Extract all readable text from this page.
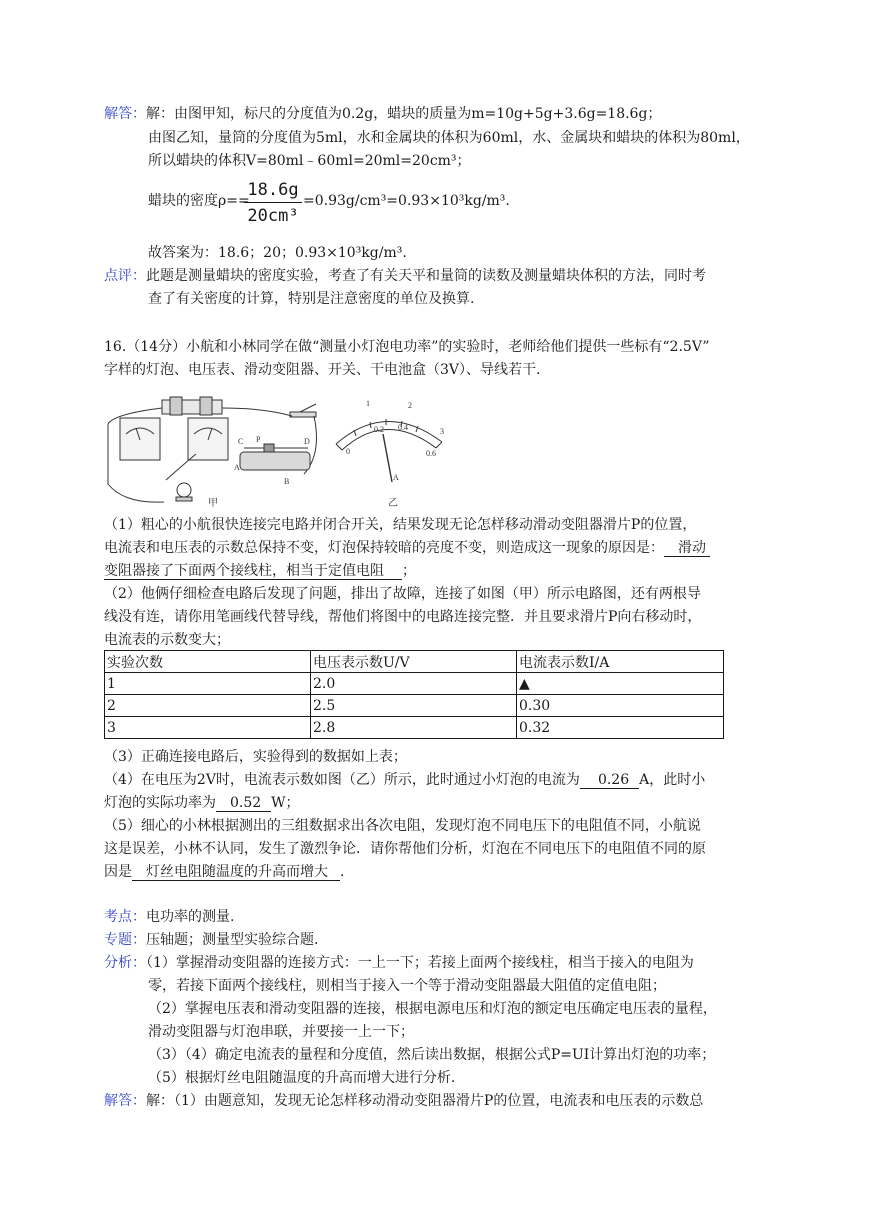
解答：解：由图甲知，标尺的分度值为0.2g，蜡块的质量为m=10g+5g+3.6g=18.6g；
由图乙知，量筒的分度值为5ml，水和金属块的体积为60ml，水、金属块和蜡块的体积为80ml，
所以蜡块的体积V=80ml﹣60ml=20ml=20cm³；
蜡块的密度ρ==
18.6g
20cm³
=0.93g/cm³=0.93×10³kg/m³.
故答案为：18.6；20；0.93×10³kg/m³.
点评：此题是测量蜡块的密度实验，考查了有关天平和量筒的读数及测量蜡块体积的方法，同时考
查了有关密度的计算，特别是注意密度的单位及换算.
16.（14分）小航和小林同学在做“测量小灯泡电功率”的实验时，老师给他们提供一些标有“2.5V”
字样的灯泡、电压表、滑动变阻器、开关、干电池盒（3V）、导线若干.
C P	D
A
B
甲
1	2
0.2 0.4
0
3
0.6
A
乙
（1）粗心的小航很快连接完电路并闭合开关，结果发现无论怎样移动滑动变阻器滑片P的位置，
电流表和电压表的示数总保持不变，灯泡保持较暗的亮度不变，则造成这一现象的原因是： 滑动
变阻器接了下面两个接线柱，相当于定值电阻 ；
（2）他俩仔细检查电路后发现了问题，排出了故障，连接了如图（甲）所示电路图，还有两根导
线没有连，请你用笔画线代替导线，帮他们将图中的电路连接完整．并且要求滑片P向右移动时，
电流表的示数变大；
实验次数	电压表示数U/V	电流表示数I/A
1	2.0	▲
2	2.5	0.30
3	2.8	0.32
（3）正确连接电路后，实验得到的数据如上表；
（4）在电压为2V时，电流表示数如图（乙）所示，此时通过小灯泡的电流为 0.26 A，此时小
灯泡的实际功率为 0.52 W；
（5）细心的小林根据测出的三组数据求出各次电阻，发现灯泡不同电压下的电阻值不同，小航说
这是误差，小林不认同，发生了激烈争论．请你帮他们分析，灯泡在不同电压下的电阻值不同的原
因是 灯丝电阻随温度的升高而增大 .
考点：电功率的测量.
专题：压轴题；测量型实验综合题.
分析：（1）掌握滑动变阻器的连接方式：一上一下；若接上面两个接线柱，相当于接入的电阻为
零，若接下面两个接线柱，则相当于接入一个等于滑动变阻器最大阻值的定值电阻；
（2）掌握电压表和滑动变阻器的连接，根据电源电压和灯泡的额定电压确定电压表的量程，
滑动变阻器与灯泡串联，并要接一上一下；
（3）（4）确定电流表的量程和分度值，然后读出数据，根据公式P=UI计算出灯泡的功率；
（5）根据灯丝电阻随温度的升高而增大进行分析.
解答：解：（1）由题意知，发现无论怎样移动滑动变阻器滑片P的位置，电流表和电压表的示数总
